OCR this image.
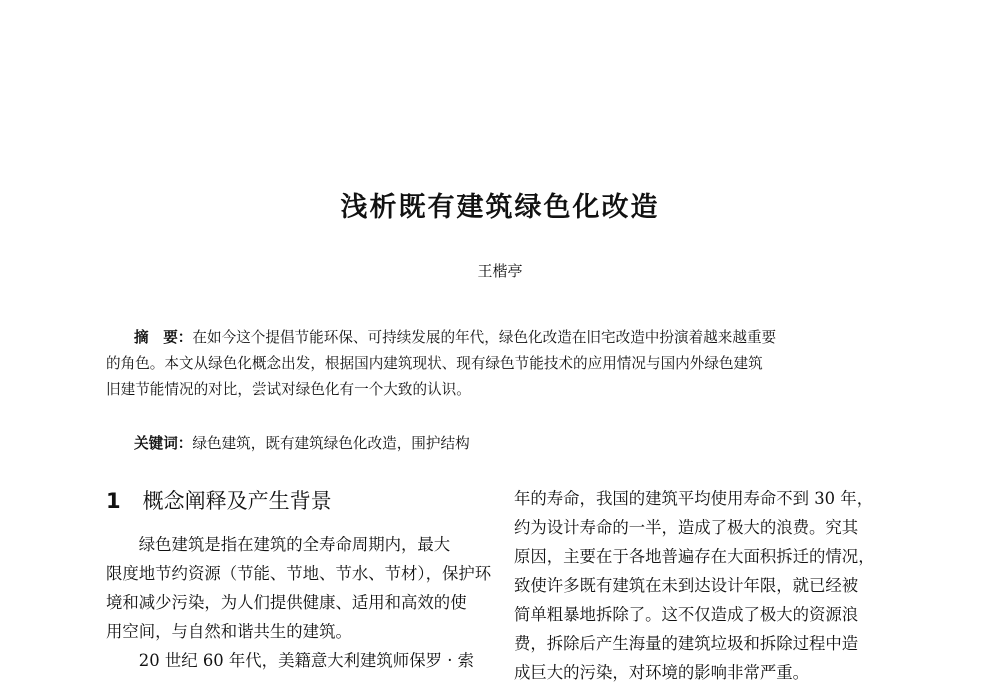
浅析既有建筑绿色化改造
王楷亭
摘　要：在如今这个提倡节能环保、可持续发展的年代，绿色化改造在旧宅改造中扮演着越来越重要
的角色。本文从绿色化概念出发，根据国内建筑现状、现有绿色节能技术的应用情况与国内外绿色建筑
旧建节能情况的对比，尝试对绿色化有一个大致的认识。
关键词：绿色建筑，既有建筑绿色化改造，围护结构
1 概念阐释及产生背景
　　绿色建筑是指在建筑的全寿命周期内，最大
限度地节约资源（节能、节地、节水、节材），保护环
境和减少污染，为人们提供健康、适用和高效的使
用空间，与自然和谐共生的建筑。
　　20 世纪 60 年代，美籍意大利建筑师保罗 · 索
年的寿命，我国的建筑平均使用寿命不到 30 年，
约为设计寿命的一半，造成了极大的浪费。究其
原因，主要在于各地普遍存在大面积拆迁的情况，
致使许多既有建筑在未到达设计年限，就已经被
简单粗暴地拆除了。这不仅造成了极大的资源浪
费，拆除后产生海量的建筑垃圾和拆除过程中造
成巨大的污染，对环境的影响非常严重。
